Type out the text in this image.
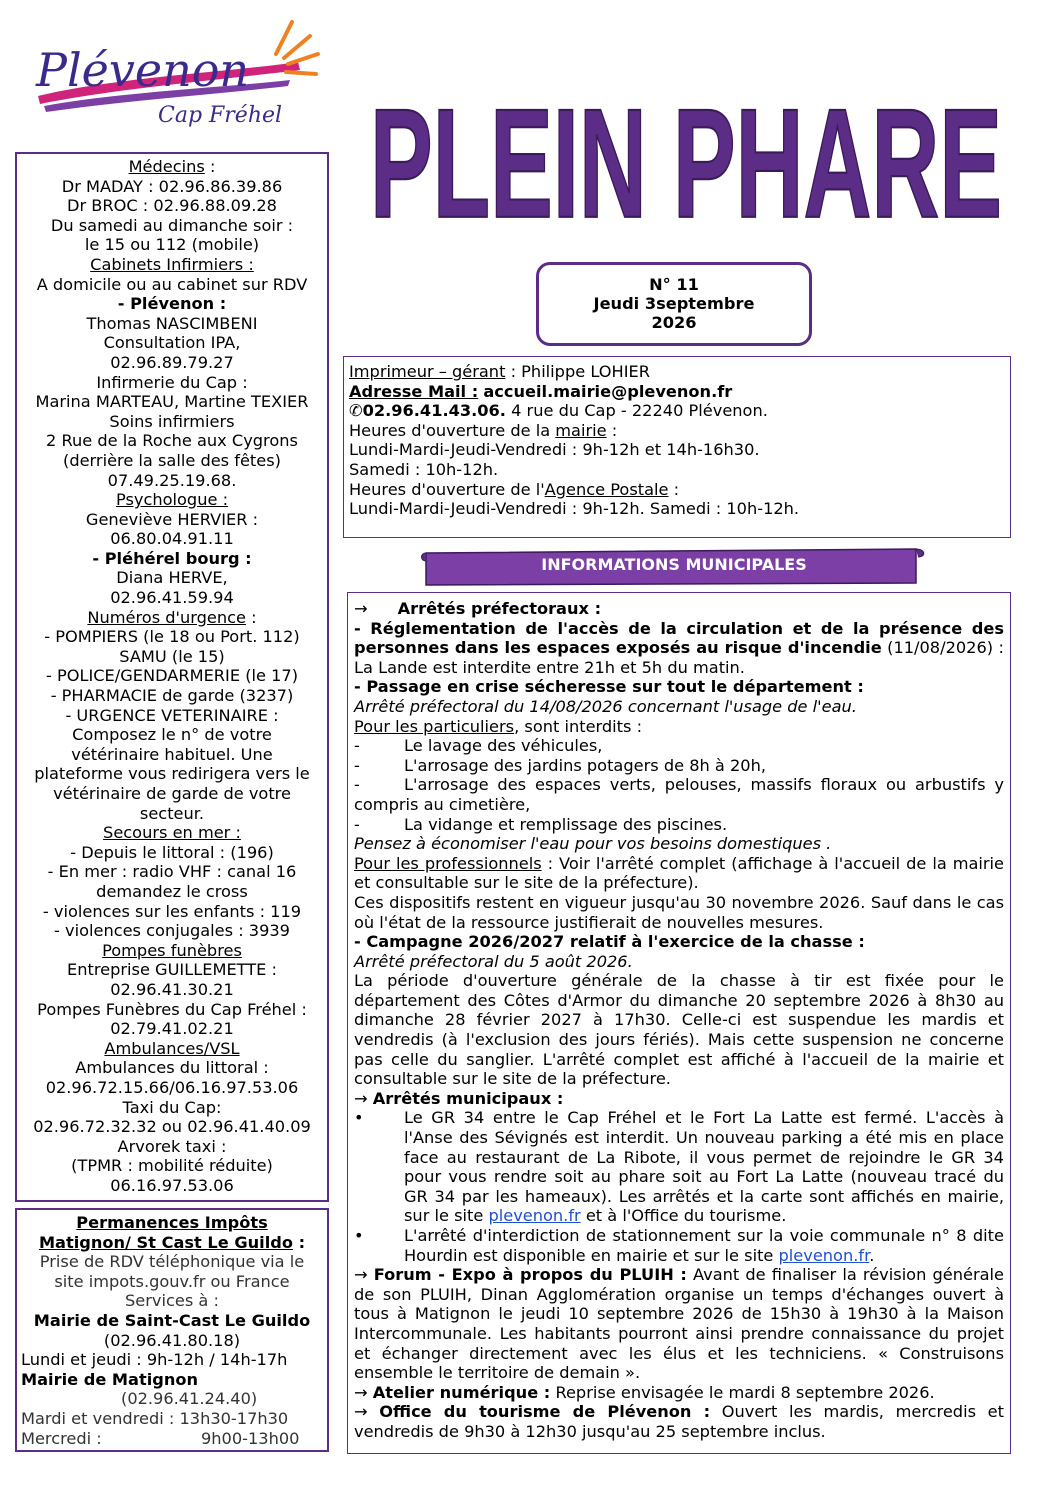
Plévenon
Cap Fréhel PLEIN PHARE
Médecins :
Dr MADAY : 02.96.86.39.86
Dr BROC : 02.96.88.09.28
Du samedi au dimanche soir :
le 15 ou 112 (mobile)
Cabinets Infirmiers :
A domicile ou au cabinet sur RDV
- Plévenon :
Thomas NASCIMBENI
Consultation IPA,
02.96.89.79.27
Infirmerie du Cap :
Marina MARTEAU, Martine TEXIER
Soins infirmiers
2 Rue de la Roche aux Cygrons
(derrière la salle des fêtes)
07.49.25.19.68.
Psychologue :
Geneviève HERVIER :
06.80.04.91.11
- Pléhérel bourg :
Diana HERVE,
02.96.41.59.94
Numéros d'urgence :
- POMPIERS (le 18 ou Port. 112)
SAMU (le 15)
- POLICE/GENDARMERIE (le 17)
- PHARMACIE de garde (3237)
- URGENCE VETERINAIRE :
Composez le n° de votre
vétérinaire habituel. Une
plateforme vous redirigera vers le
vétérinaire de garde de votre
secteur.
Secours en mer :
- Depuis le littoral : (196)
- En mer : radio VHF : canal 16
demandez le cross
- violences sur les enfants : 119
- violences conjugales : 3939
Pompes funèbres
Entreprise GUILLEMETTE :
02.96.41.30.21
Pompes Funèbres du Cap Fréhel :
02.79.41.02.21
Ambulances/VSL
Ambulances du littoral :
02.96.72.15.66/06.16.97.53.06
Taxi du Cap:
02.96.72.32.32 ou 02.96.41.40.09
Arvorek taxi :
(TPMR : mobilité réduite)
06.16.97.53.06
Permanences Impôts
Matignon/ St Cast Le Guildo :
Prise de RDV téléphonique via le
site impots.gouv.fr ou France
Services à :
Mairie de Saint-Cast Le Guildo
(02.96.41.80.18)
Lundi et jeudi : 9h-12h / 14h-17h
Mairie de Matignon
(02.96.41.24.40)
Mardi et vendredi : 13h30-17h30
Mercredi :	9h00-13h00
N° 11
Jeudi 3septembre
2026
Imprimeur – gérant : Philippe LOHIER
Adresse Mail : accueil.mairie@plevenon.fr
✆02.96.41.43.06. 4 rue du Cap - 22240 Plévenon.
Heures d'ouverture de la mairie :
Lundi-Mardi-Jeudi-Vendredi : 9h-12h et 14h-16h30.
Samedi : 10h-12h.
Heures d'ouverture de l'Agence Postale :
Lundi-Mardi-Jeudi-Vendredi : 9h-12h. Samedi : 10h-12h.
INFORMATIONS MUNICIPALES

→ Arrêtés préfectoraux :

- Réglementation de l'accès de la circulation et de la présence des personnes dans les espaces exposés au risque d'incendie (11/08/2026) : La Lande est interdite entre 21h et 5h du matin.

- Passage en crise sécheresse sur tout le département :

Arrêté préfectoral du 14/08/2026 concernant l'usage de l'eau.

Pour les particuliers, sont interdits :

-	Le lavage des véhicules,
-	L'arrosage des jardins potagers de 8h à 20h,
-	L'arrosage des espaces verts, pelouses, massifs floraux ou arbustifs y compris au cimetière,
-	La vidange et remplissage des piscines.

Pensez à économiser l'eau pour vos besoins domestiques .

Pour les professionnels : Voir l'arrêté complet (affichage à l'accueil de la mairie et consultable sur le site de la préfecture).

Ces dispositifs restent en vigueur jusqu'au 30 novembre 2026. Sauf dans le cas où l'état de la ressource justifierait de nouvelles mesures.

- Campagne 2026/2027 relatif à l'exercice de la chasse :

Arrêté préfectoral du 5 août 2026.

La période d'ouverture générale de la chasse à tir est fixée pour le département des Côtes d'Armor du dimanche 20 septembre 2026 à 8h30 au dimanche 28 février 2027 à 17h30. Celle-ci est suspendue les mardis et vendredis (à l'exclusion des jours fériés). Mais cette suspension ne concerne pas celle du sanglier. L'arrêté complet est affiché à l'accueil de la mairie et consultable sur le site de la préfecture.

→ Arrêtés municipaux :

•	Le GR 34 entre le Cap Fréhel et le Fort La Latte est fermé. L'accès à l'Anse des Sévignés est interdit. Un nouveau parking a été mis en place face au restaurant de La Ribote, il vous permet de rejoindre le GR 34 pour vous rendre soit au phare soit au Fort La Latte (nouveau tracé du GR 34 par les hameaux). Les arrêtés et la carte sont affichés en mairie, sur le site plevenon.fr et à l'Office du tourisme.
•	L'arrêté d'interdiction de stationnement sur la voie communale n° 8 dite Hourdin est disponible en mairie et sur le site plevenon.fr.

→ Forum - Expo à propos du PLUIH : Avant de finaliser la révision générale de son PLUIH, Dinan Agglomération organise un temps d'échanges ouvert à tous à Matignon le jeudi 10 septembre 2026 de 15h30 à 19h30 à la Maison Intercommunale. Les habitants pourront ainsi prendre connaissance du projet et échanger directement avec les élus et les techniciens. « Construisons ensemble le territoire de demain ».

→ Atelier numérique : Reprise envisagée le mardi 8 septembre 2026.

→ Office du tourisme de Plévenon : Ouvert les mardis, mercredis et vendredis de 9h30 à 12h30 jusqu'au 25 septembre inclus.
